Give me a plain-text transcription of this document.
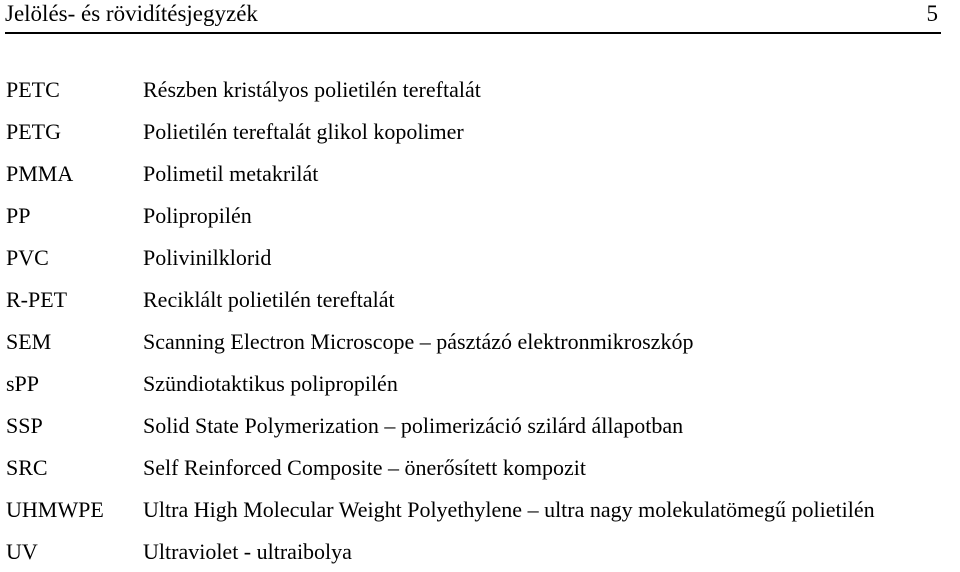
Jelölés- és rövidítésjegyzék	5
PETC	Részben kristályos polietilén tereftalát
PETG	Polietilén tereftalát glikol kopolimer
PMMA	Polimetil metakrilát
PP	Polipropilén
PVC	Polivinilklorid
R-PET	Reciklált polietilén tereftalát
SEM	Scanning Electron Microscope – pásztázó elektronmikroszkóp
sPP	Szündiotaktikus polipropilén
SSP	Solid State Polymerization – polimerizáció szilárd állapotban
SRC	Self Reinforced Composite – önerősített kompozit
UHMWPE Ultra High Molecular Weight Polyethylene – ultra nagy molekulatömegű polietilén
UV	Ultraviolet - ultraibolya
